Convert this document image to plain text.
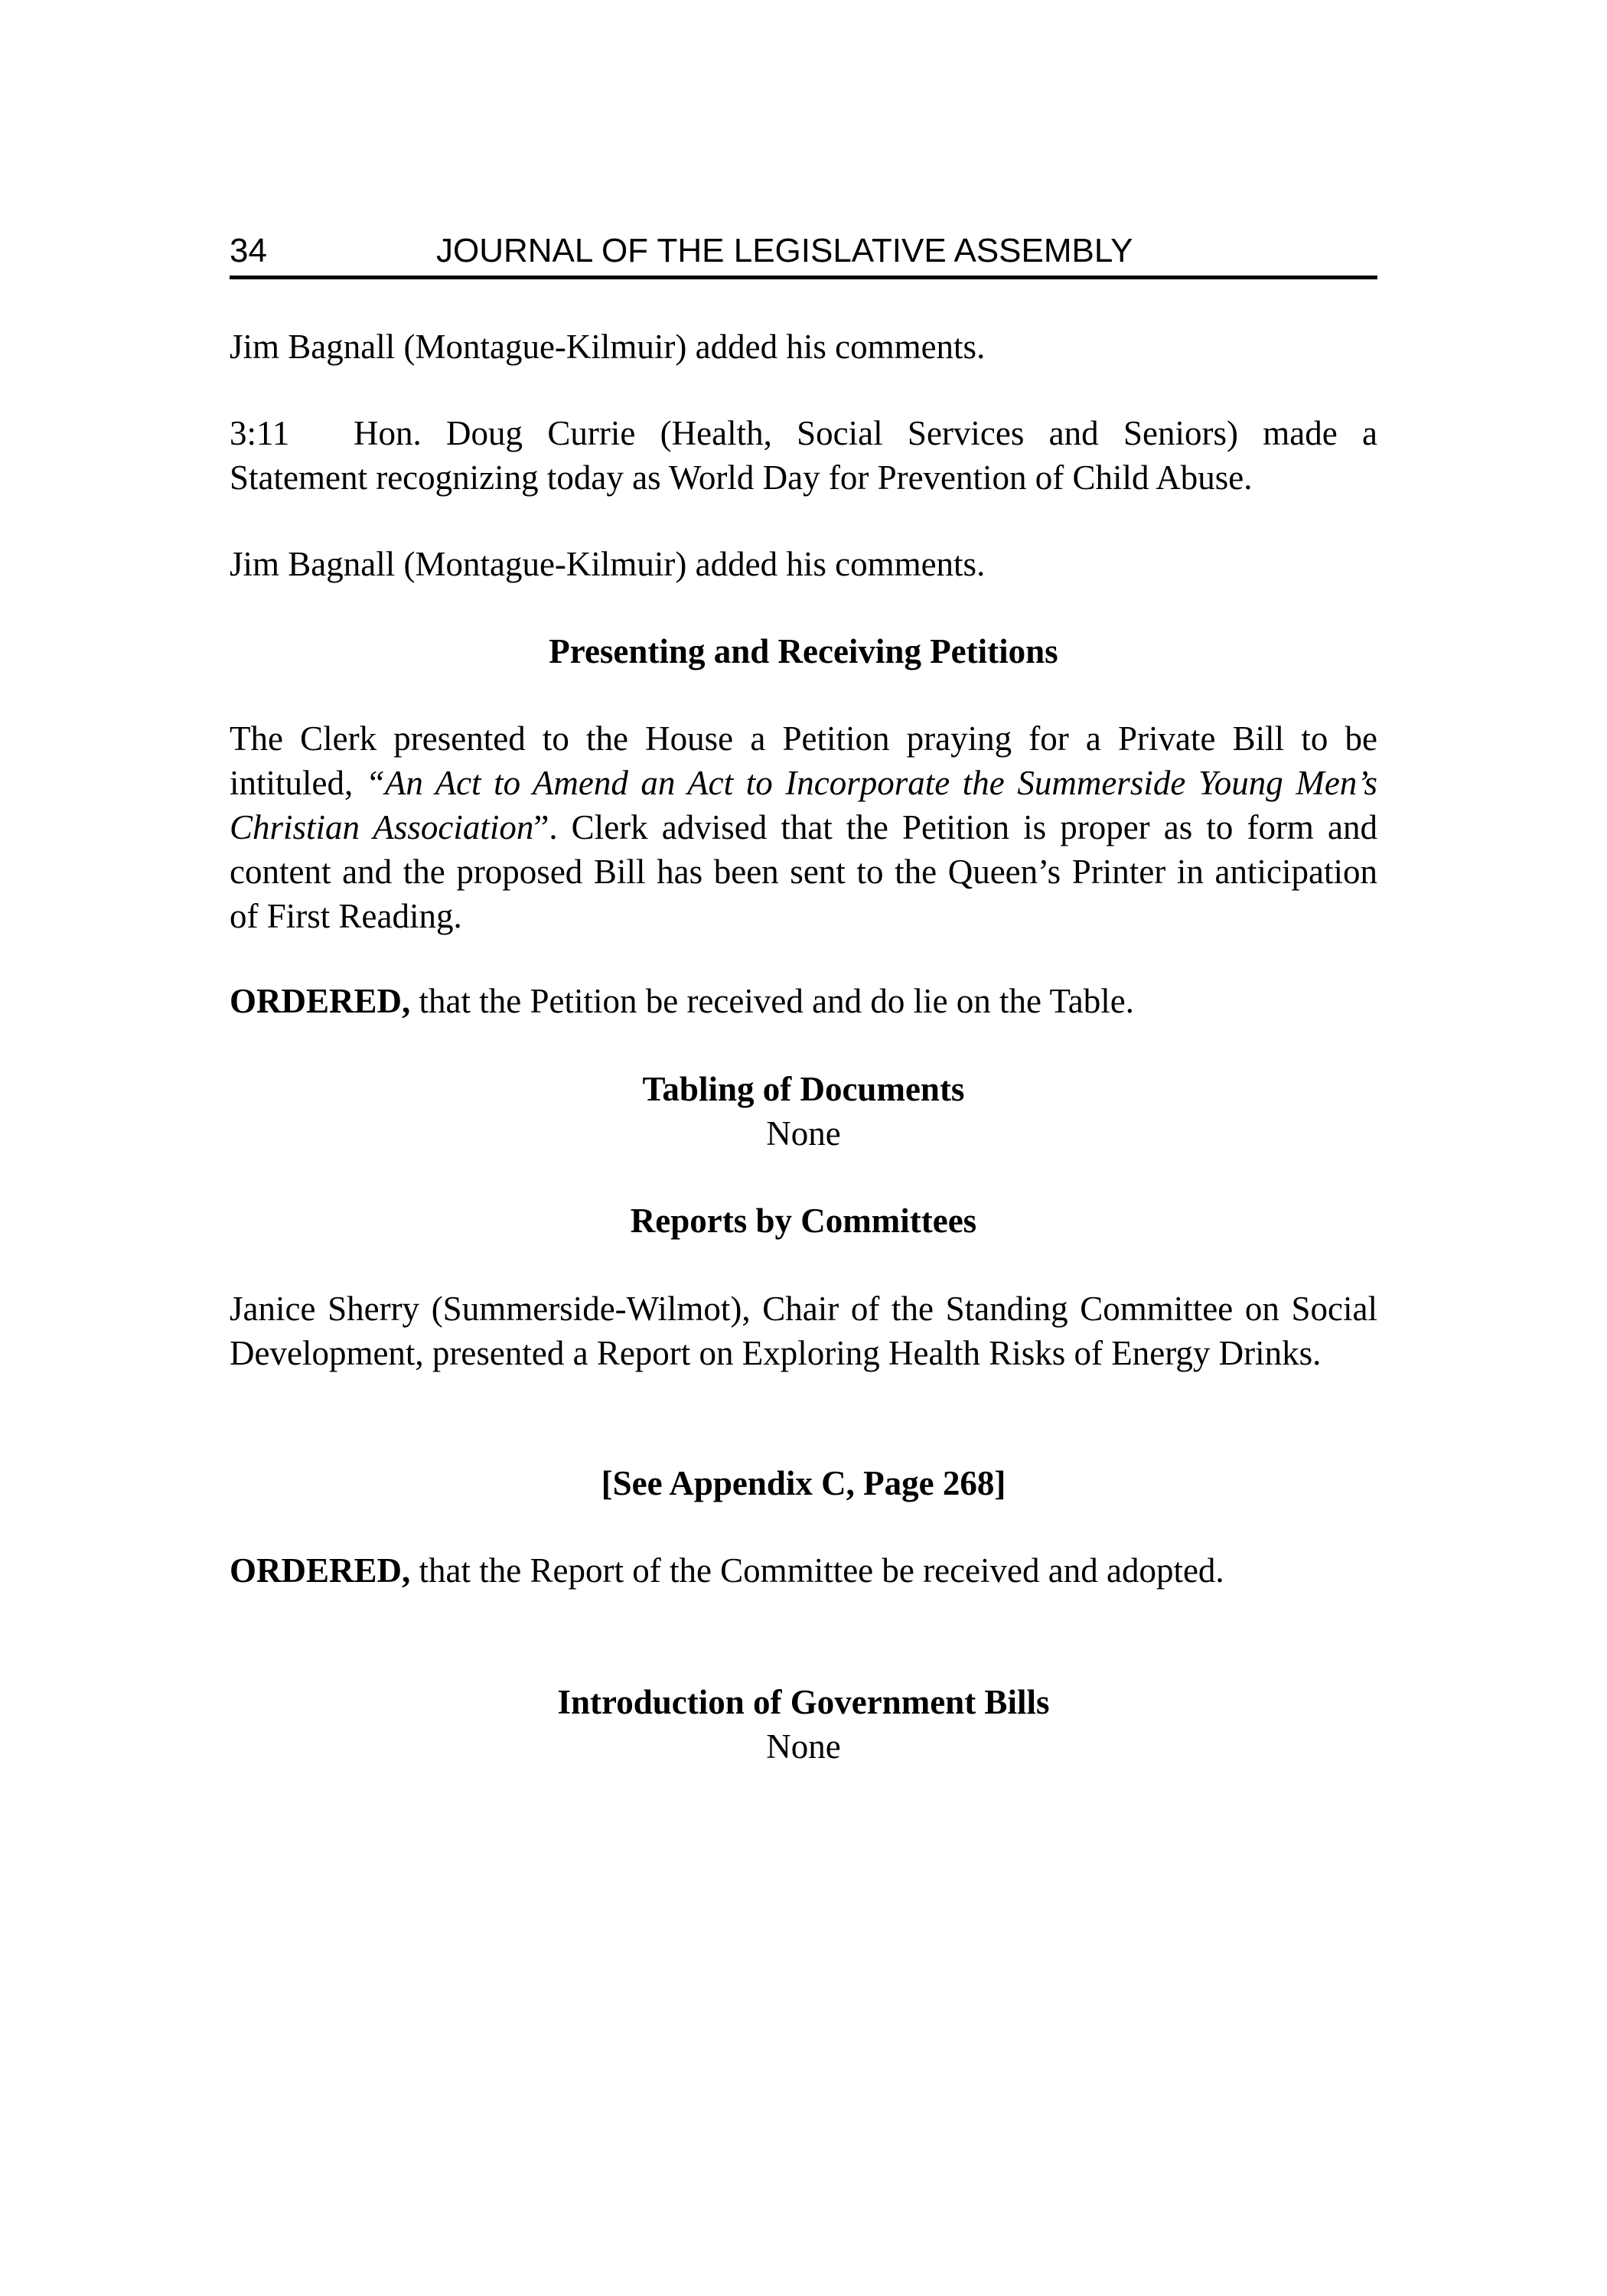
34	JOURNAL OF THE LEGISLATIVE ASSEMBLY

Jim Bagnall (Montague-Kilmuir) added his comments.

3:11 Hon. Doug Currie (Health, Social Services and Seniors) made a Statement recognizing today as World Day for Prevention of Child Abuse.

Jim Bagnall (Montague-Kilmuir) added his comments.

Presenting and Receiving Petitions

The Clerk presented to the House a Petition praying for a Private Bill to be intituled, “An Act to Amend an Act to Incorporate the Summerside Young Men’s Christian Association”. Clerk advised that the Petition is proper as to form and content and the proposed Bill has been sent to the Queen’s Printer in anticipation of First Reading.

ORDERED, that the Petition be received and do lie on the Table.

Tabling of Documents

None

Reports by Committees

Janice Sherry (Summerside-Wilmot), Chair of the Standing Committee on Social Development, presented a Report on Exploring Health Risks of Energy Drinks.

[See Appendix C, Page 268]

ORDERED, that the Report of the Committee be received and adopted.

Introduction of Government Bills

None
